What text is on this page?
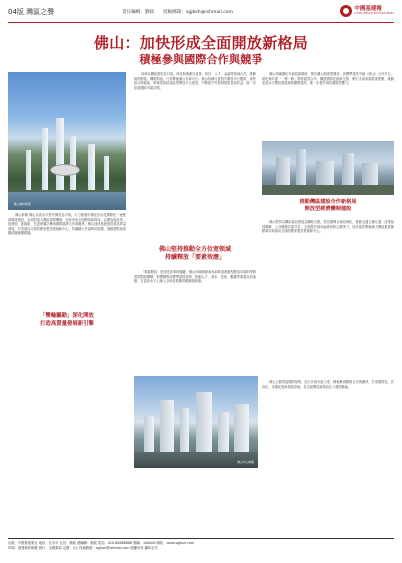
04版 灣區之聲	責任編輯：劉政 投稿郵箱：sgjbsh@ishmail.com
中國基建報
CHINA INFRASTRUCTURE NEWS
佛山：加快形成全面開放新格局
積極參與國際合作與競爭
佛山城市新貌

佛山新聞 佛山以高水平對外開放為引領，大力推進市場化法治化國際化一流營商環境建設，全面對接大灣區規則機制，加快形成全面開放新格局，以開放促改革、促發展、促創新，在更深層次參與國際經濟合作與競爭。佛山加快推進製造業高質量發展，打造面向全球的國家製造業創新中心，持續擴大外資利用規模，推動重點產業鏈延鏈補鏈強鏈。

「雙輪驅動」深化開放
打造高質量發展新引擎

同時以灣區建設為引領，深化與港澳在產業、科技、人才、金融等領域合作，推動規則銜接、機制對接，打造粵港澳合作新平台。佛山持續完善對外開放平台體系，加快綜合保稅區、跨境電商綜試區等開放平台建設，不斷提升外貿發展質量和效益，進一步拓展國際市場空間。

佛山堅持推動全方位宽领域
持續釋放「要素效應」

「要素開放」是深化改革的關鍵，佛山持續推動商品和要素流動型開放向規則等制度型開放轉變，對標國際高標準經貿規則，推動人才、資本、技術、數據等要素高效流動，在更高水平上融入全球產業鏈供應鏈創新鏈。

佛山中心城區

佛山持續優化外商投資環境，穩步擴大制度型開放，高標準建設中歐（佛山）合作平台，深化與共建「一帶一路」國家經貿合作，構建國際化創新生態，吸引全球高端要素集聚，推動更高水平開放型經濟新體制建設，進一步提升城市國際影響力。

推動灣區建設合作新格局
開放型經濟體制建設

佛山堅持以灣區協同發展為戰略支點，依托廣佛全域同城化，推動交通互聯互通、產業協同聯動、公共服務共建共享，全面提升城市能級和核心競爭力，加快建設粵港澳大灣區重要節點城市和面向全球的國家製造業創新中心。

佛山主動對接國際規則，加大外資引進力度，積極參與國際合作與競爭，打造國際化、法治化、市場化營商環境高地，為全面開放新格局注入強勁動能。

出版：中國基建報社 地址：北京市 社長：劉政 總編輯：劉政 電話：010-88888888 郵編：100000 網址：www.sgjbsh.com
印刷：基建報印刷廠 發行：全國郵局 定價：2元 投稿郵箱：sgjbsh@ishmail.com 版權所有 翻印必究
